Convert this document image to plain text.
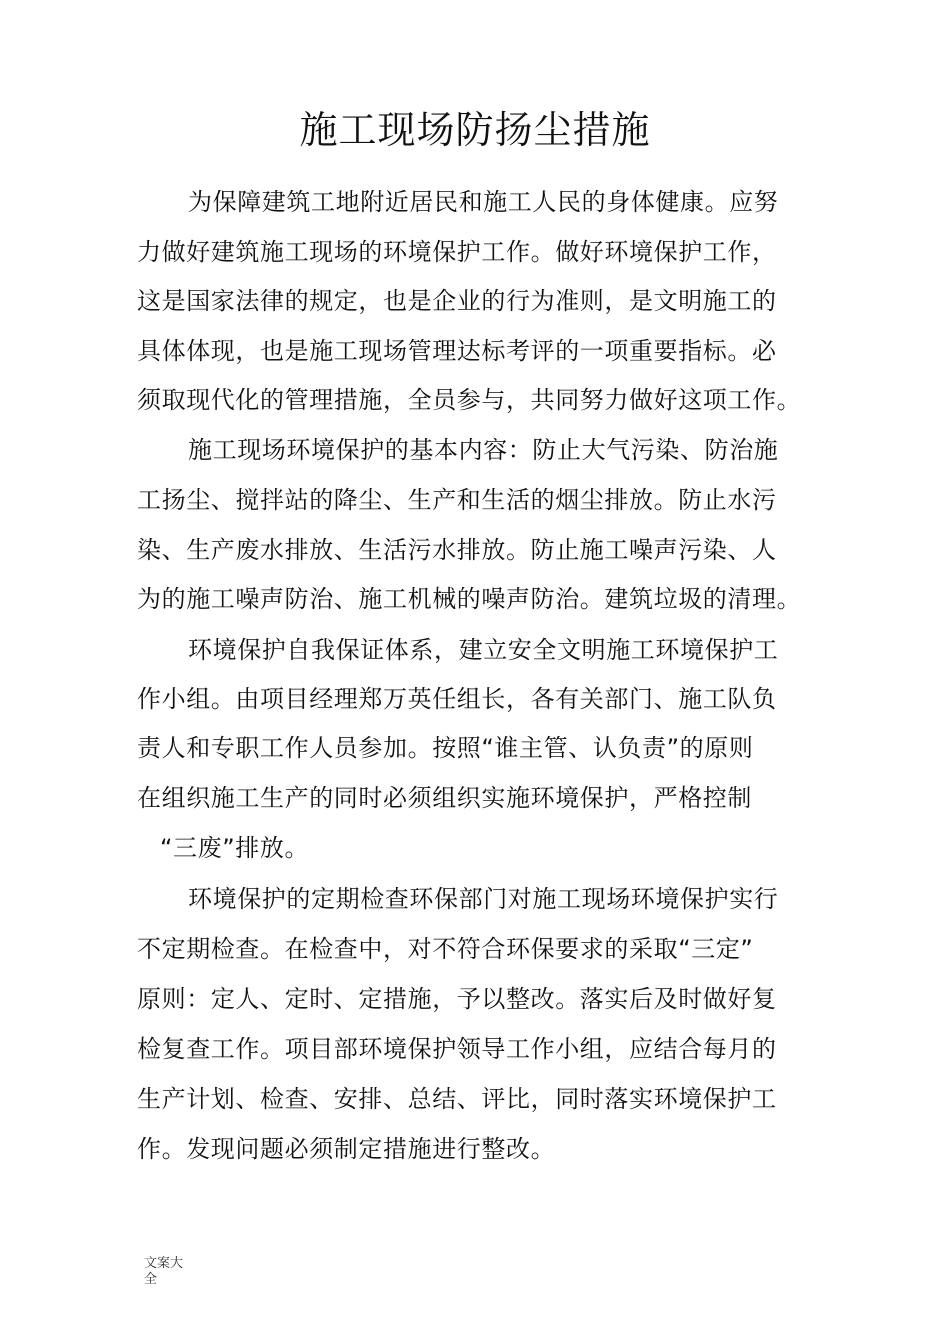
施工现场防扬尘措施

为保障建筑工地附近居民和施工人民的身体健康。应努

力做好建筑施工现场的环境保护工作。做好环境保护工作，

这是国家法律的规定，也是企业的行为准则，是文明施工的

具体体现，也是施工现场管理达标考评的一项重要指标。必

须取现代化的管理措施，全员参与，共同努力做好这项工作。

施工现场环境保护的基本内容：防止大气污染、防治施

工扬尘、搅拌站的降尘、生产和生活的烟尘排放。防止水污

染、生产废水排放、生活污水排放。防止施工噪声污染、人

为的施工噪声防治、施工机械的噪声防治。建筑垃圾的清理。

环境保护自我保证体系，建立安全文明施工环境保护工

作小组。由项目经理郑万英任组长，各有关部门、施工队负

责人和专职工作人员参加。按照“谁主管、认负责”的原则

在组织施工生产的同时必须组织实施环境保护，严格控制

“三废”排放。

环境保护的定期检查环保部门对施工现场环境保护实行

不定期检查。在检查中，对不符合环保要求的采取“三定”

原则：定人、定时、定措施，予以整改。落实后及时做好复

检复查工作。项目部环境保护领导工作小组，应结合每月的

生产计划、检查、安排、总结、评比，同时落实环境保护工

作。发现问题必须制定措施进行整改。

文案大
全
